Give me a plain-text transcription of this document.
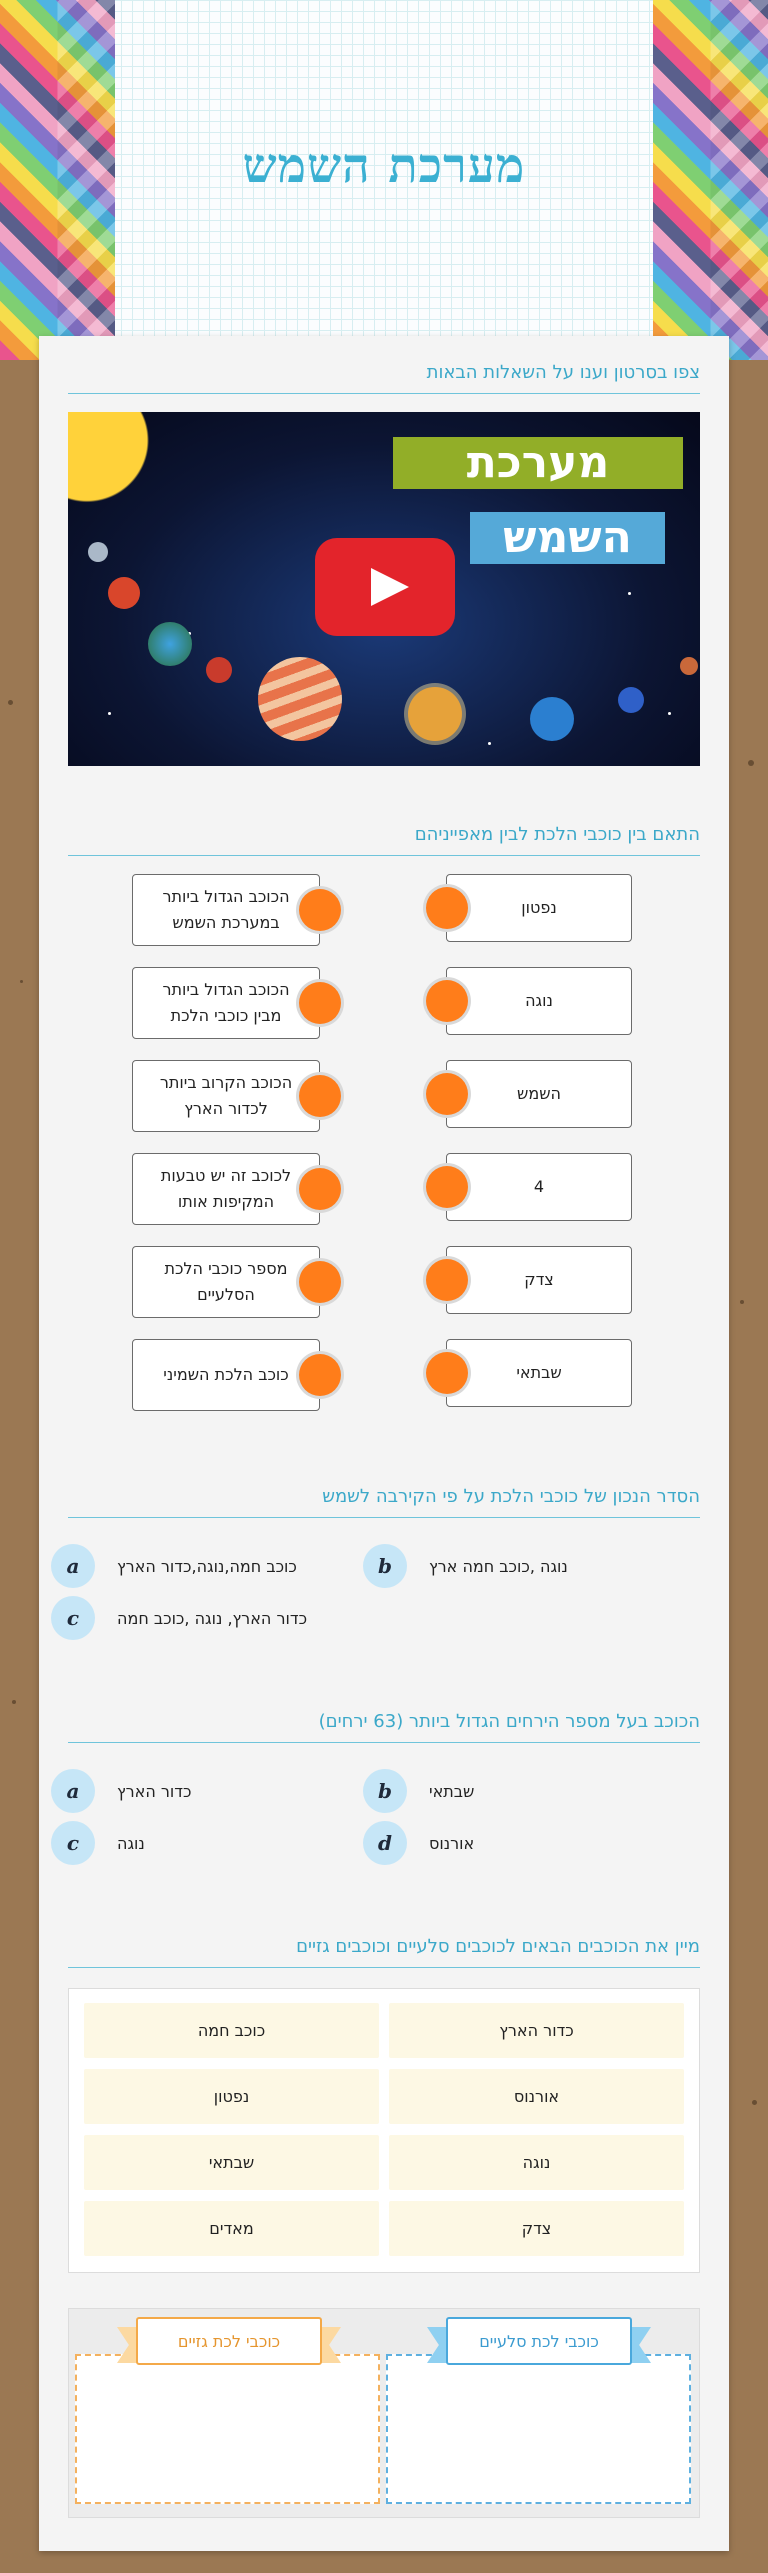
מערכת השמש
צפו בסרטון וענו על השאלות הבאות
מערכת
השמש
התאם בין כוכבי הלכת לבין מאפייניהם
נפטון
נוגה
השמש
4
צדק
שבתאי
הכוכב הגדול ביותר במערכת השמש
הכוכב הגדול ביותר מבין כוכבי הלכת
הכוכב הקרוב ביותר לכדור הארץ
לכוכב זה יש טבעות המקיפות אותו
מספר כוכבי הלכת הסלעיים
כוכב הלכת השמיני
הסדר הנכון של כוכבי הלכת על פי הקירבה לשמש
a	כוכב חמה,נוגה,כדור הארץ	b	נוגה ,כוכב חמה ארץ
c	כדור הארץ, נוגה ,כוכב חמה
הכוכב בעל מספר הירחים הגדול ביותר (63 ירחים)
a	כדור הארץ	b	שבתאי
c	נוגה	d	אורנוס
מיין את הכוכבים הבאים לכוכבים סלעיים וכוכבים גזיים
כדור הארץ
כוכב חמה
אורנוס
נפטון
נוגה
שבתאי
צדק
מאדים
כוכבי לכת סלעיים
כוכבי לכת גזיים
